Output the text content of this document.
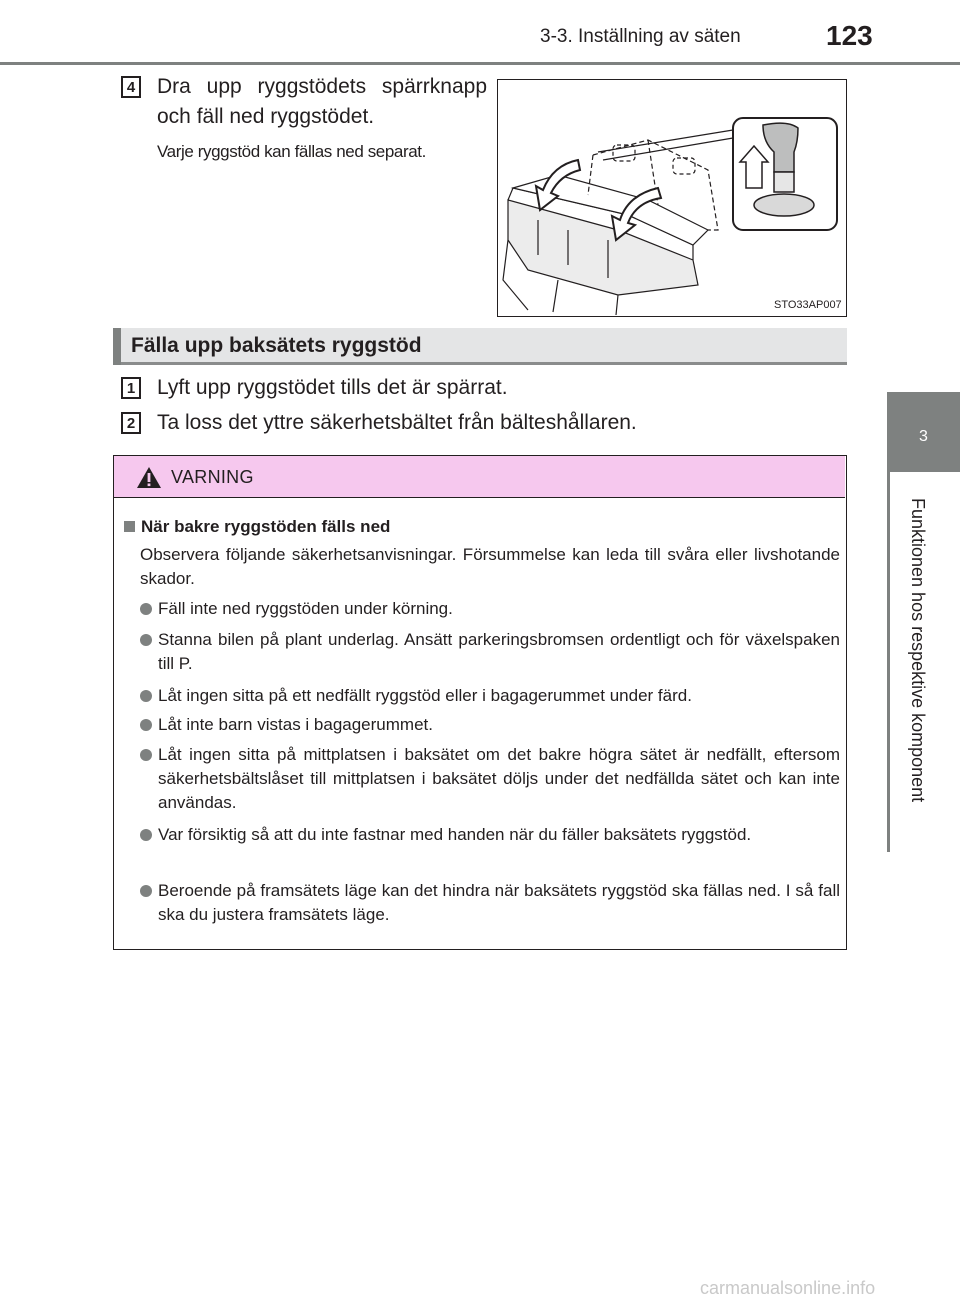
3-3. Inställning av säten	123
3
Funktionen hos respektive komponent
4 Dra upp ryggstödets spärrknapp och fäll ned ryggstödet.
Varje ryggstöd kan fällas ned separat.
STO33AP007
Fälla upp baksätets ryggstöd
1 Lyft upp ryggstödet tills det är spärrat.
2 Ta loss det yttre säkerhetsbältet från bälteshållaren.
VARNING
När bakre ryggstöden fälls ned
Observera följande säkerhetsanvisningar. Försummelse kan leda till svåra eller livshotande skador.
Fäll inte ned ryggstöden under körning.
Stanna bilen på plant underlag. Ansätt parkeringsbromsen ordentligt och för växelspaken till P.
Låt ingen sitta på ett nedfällt ryggstöd eller i bagagerummet under färd.
Låt inte barn vistas i bagagerummet.
Låt ingen sitta på mittplatsen i baksätet om det bakre högra sätet är nedfällt, eftersom säkerhetsbältslåset till mittplatsen i baksätet döljs under det nedfällda sätet och kan inte användas.
Var försiktig så att du inte fastnar med handen när du fäller baksätets ryggstöd.
Beroende på framsätets läge kan det hindra när baksätets ryggstöd ska fällas ned. I så fall ska du justera framsätets läge.
carmanualsonline.info
